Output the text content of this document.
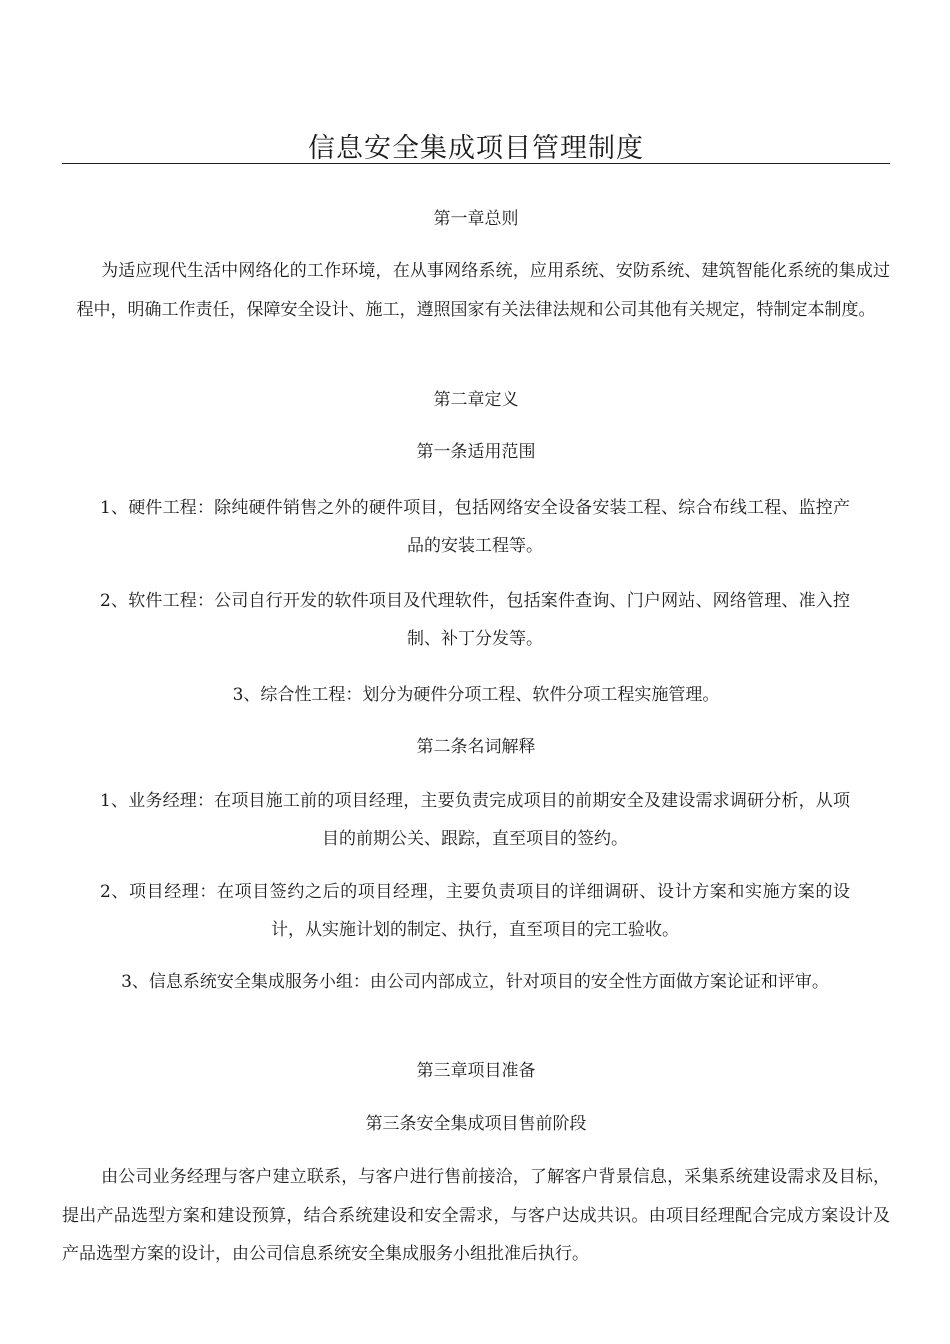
信息安全集成项目管理制度
第一章总则

为适应现代生活中网络化的工作环境，在从事网络系统，应用系统、安防系统、建筑智能化系统的集成过程中，明确工作责任，保障安全设计、施工，遵照国家有关法律法规和公司其他有关规定，特制定本制度。

第二章定义
第一条适用范围

1、硬件工程：除纯硬件销售之外的硬件项目，包括网络安全设备安装工程、综合布线工程、监控产品的安装工程等。

2、软件工程：公司自行开发的软件项目及代理软件，包括案件查询、门户网站、网络管理、准入控制、补丁分发等。

3、综合性工程：划分为硬件分项工程、软件分项工程实施管理。
第二条名词解释

1、业务经理：在项目施工前的项目经理，主要负责完成项目的前期安全及建设需求调研分析，从项目的前期公关、跟踪，直至项目的签约。

2、项目经理：在项目签约之后的项目经理，主要负责项目的详细调研、设计方案和实施方案的设计，从实施计划的制定、执行，直至项目的完工验收。

3、信息系统安全集成服务小组：由公司内部成立，针对项目的安全性方面做方案论证和评审。

第三章项目准备
第三条安全集成项目售前阶段

由公司业务经理与客户建立联系，与客户进行售前接洽，了解客户背景信息，采集系统建设需求及目标，提出产品选型方案和建设预算，结合系统建设和安全需求，与客户达成共识。由项目经理配合完成方案设计及产品选型方案的设计，由公司信息系统安全集成服务小组批准后执行。
